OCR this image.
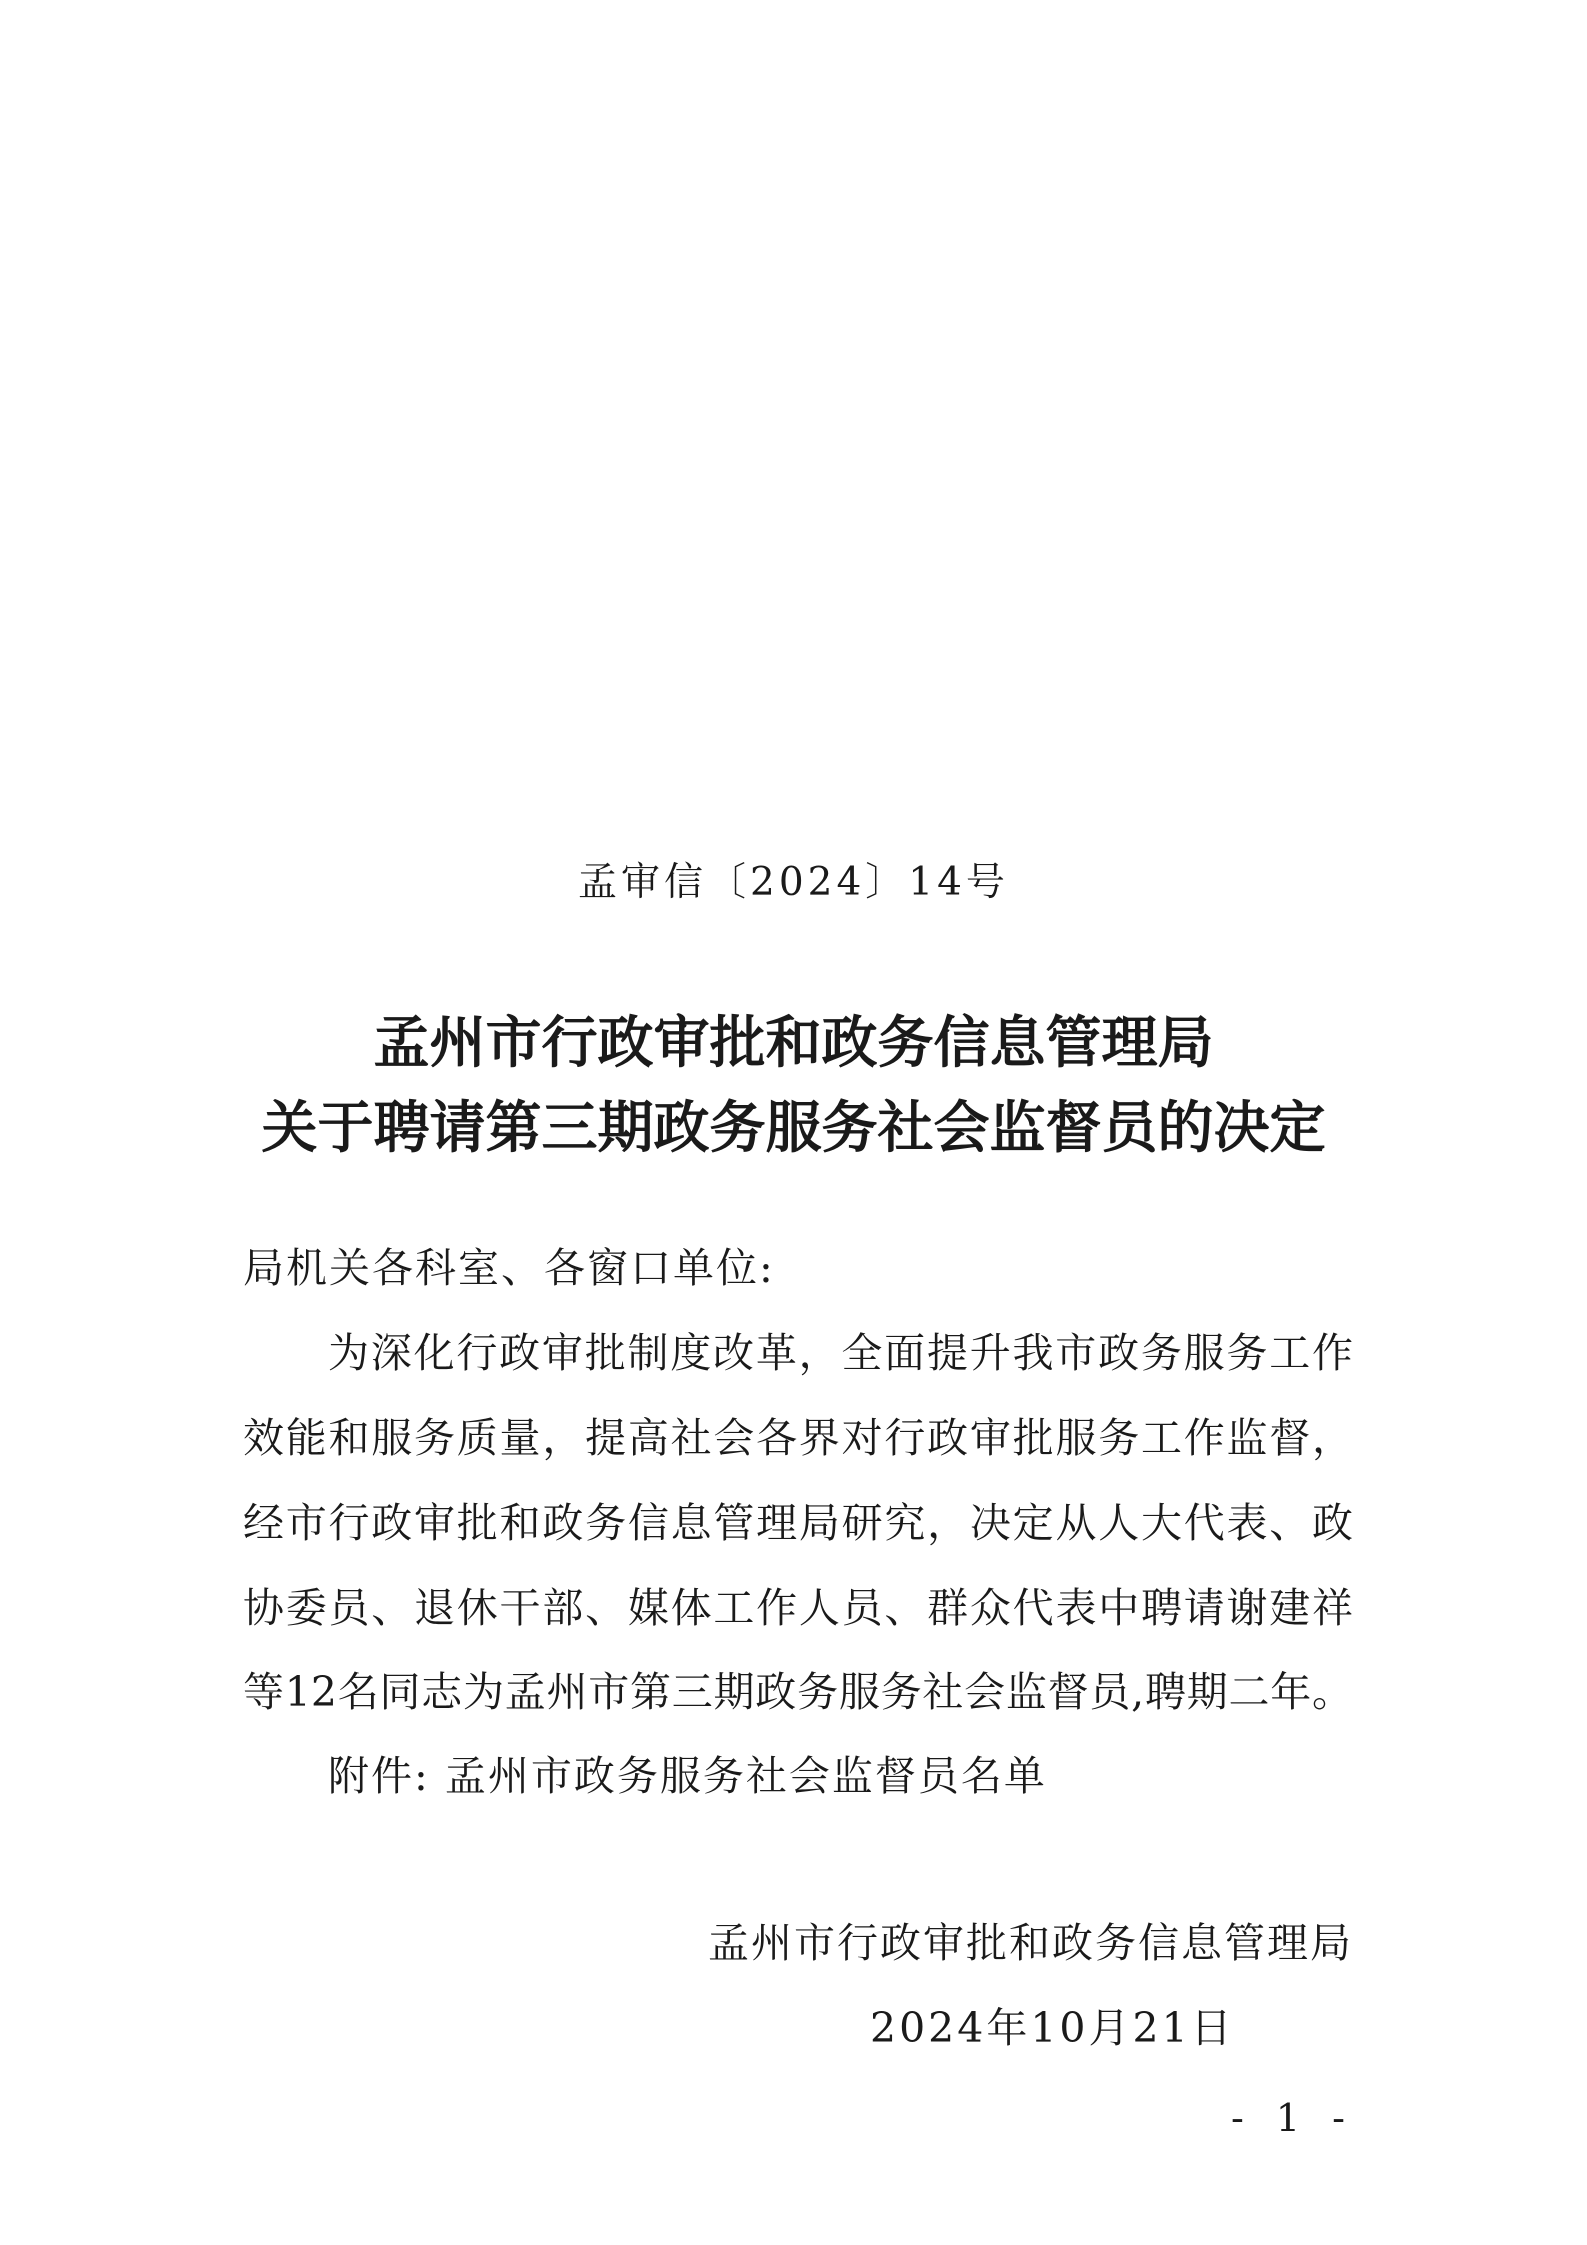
孟审信〔2024〕14号
孟州市行政审批和政务信息管理局
关于聘请第三期政务服务社会监督员的决定
局机关各科室、各窗口单位:
为深化行政审批制度改革，全面提升我市政务服务工作
效能和服务质量，提高社会各界对行政审批服务工作监督，
经市行政审批和政务信息管理局研究，决定从人大代表、政
协委员、退休干部、媒体工作人员、群众代表中聘请谢建祥
等12名同志为孟州市第三期政务服务社会监督员,聘期二年。
附件: 孟州市政务服务社会监督员名单
孟州市行政审批和政务信息管理局
2024年10月21日
- 1 -
